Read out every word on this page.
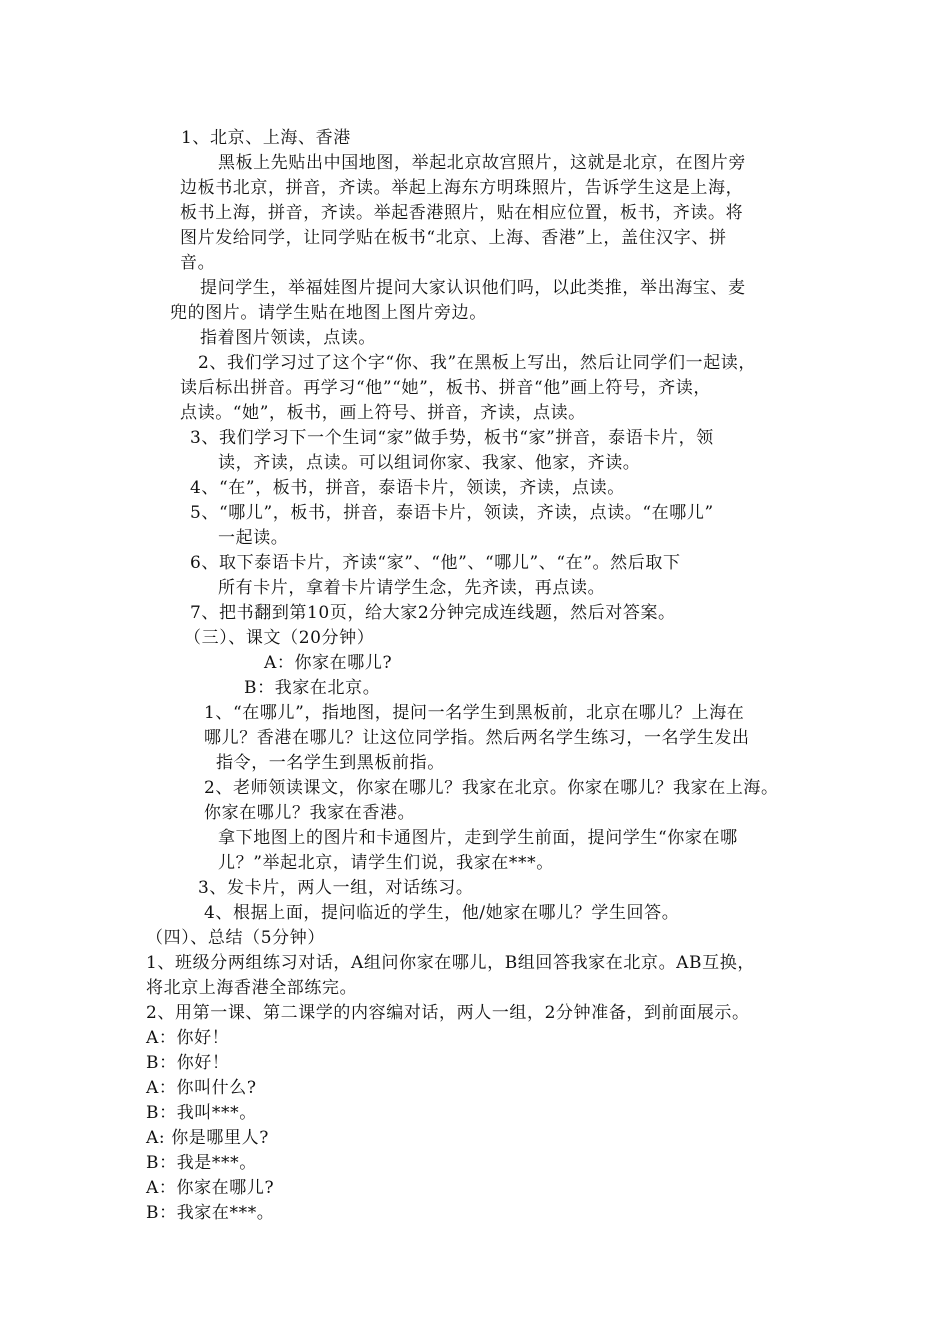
1、北京、上海、香港
黑板上先贴出中国地图，举起北京故宫照片，这就是北京，在图片旁
边板书北京，拼音，齐读。举起上海东方明珠照片，告诉学生这是上海，
板书上海，拼音，齐读。举起香港照片，贴在相应位置，板书，齐读。将
图片发给同学，让同学贴在板书“北京、上海、香港”上，盖住汉字、拼
音。
提问学生，举福娃图片提问大家认识他们吗，以此类推，举出海宝、麦
兜的图片。请学生贴在地图上图片旁边。
指着图片领读，点读。
2、我们学习过了这个字“你、我”在黑板上写出，然后让同学们一起读，
读后标出拼音。再学习“他”“她”，板书、拼音“他”画上符号，齐读，
点读。“她”，板书，画上符号、拼音，齐读，点读。
3、我们学习下一个生词“家”做手势，板书“家”拼音，泰语卡片，领
读，齐读，点读。可以组词你家、我家、他家，齐读。
4、“在”，板书，拼音，泰语卡片，领读，齐读，点读。
5、“哪儿”，板书，拼音，泰语卡片，领读，齐读，点读。“在哪儿”
一起读。
6、取下泰语卡片，齐读“家”、“他”、“哪儿”、“在”。然后取下
所有卡片，拿着卡片请学生念，先齐读，再点读。
7、把书翻到第10页，给大家2分钟完成连线题，然后对答案。
（三）、课文（20分钟）
A：你家在哪儿?
B：我家在北京。
1、“在哪儿”，指地图，提问一名学生到黑板前，北京在哪儿？上海在
哪儿？香港在哪儿？让这位同学指。然后两名学生练习，一名学生发出
指令，一名学生到黑板前指。
2、老师领读课文，你家在哪儿？我家在北京。你家在哪儿？我家在上海。
你家在哪儿？我家在香港。
拿下地图上的图片和卡通图片，走到学生前面，提问学生“你家在哪
儿？”举起北京，请学生们说，我家在***。
3、发卡片，两人一组，对话练习。
4、根据上面，提问临近的学生，他/她家在哪儿？学生回答。
（四）、总结（5分钟）
1、班级分两组练习对话，A组问你家在哪儿，B组回答我家在北京。AB互换，
将北京上海香港全部练完。
2、用第一课、第二课学的内容编对话，两人一组，2分钟准备，到前面展示。
A：你好！
B：你好！
A：你叫什么?
B：我叫***。
A: 你是哪里人?
B：我是***。
A：你家在哪儿?
B：我家在***。
